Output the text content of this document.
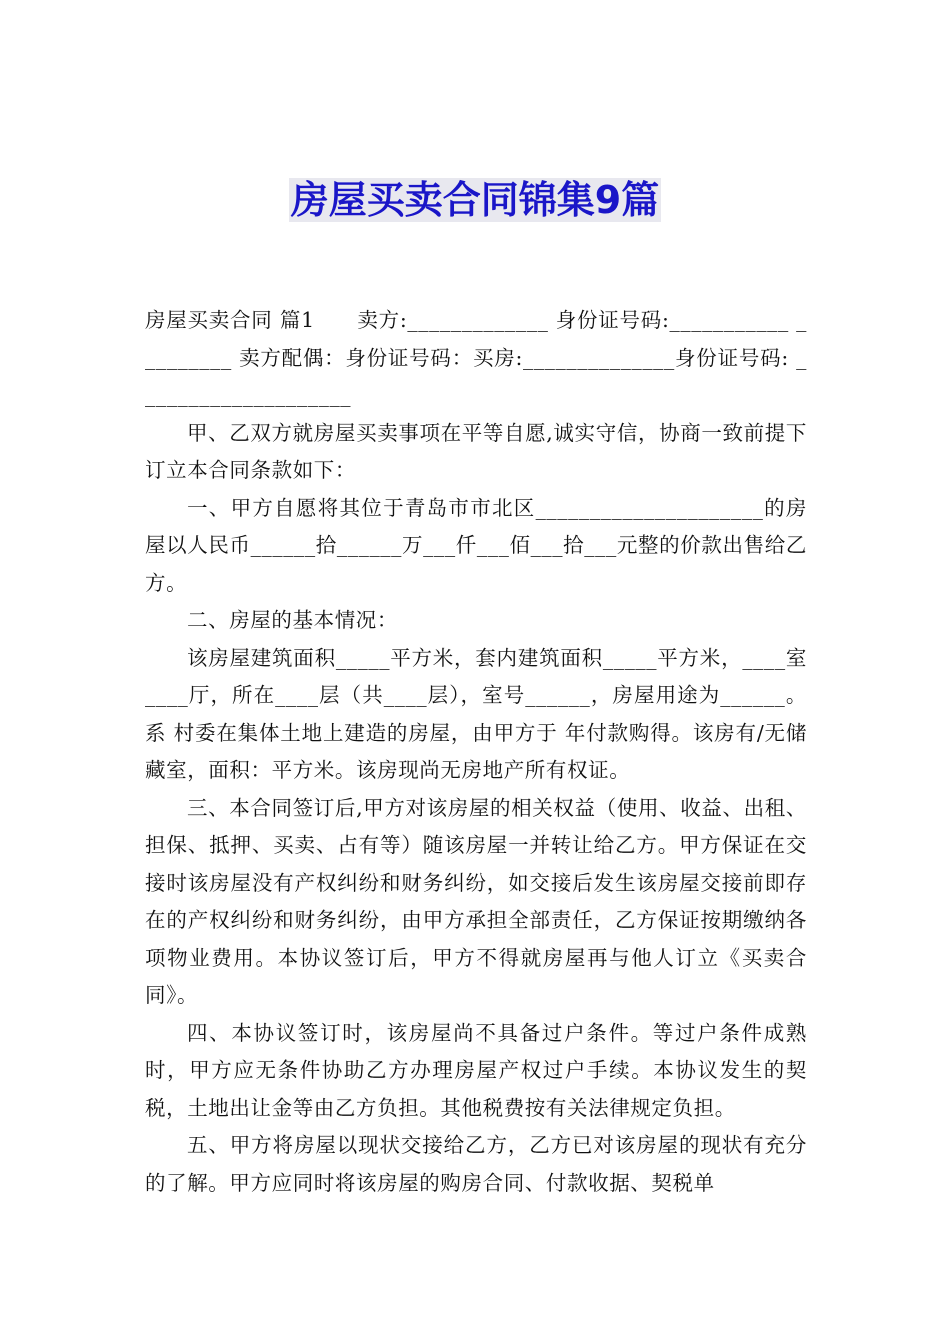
房屋买卖合同锦集9篇

房屋买卖合同 篇1　　卖方:_____________ 身份证号码:___________ _________ 卖方配偶：身份证号码：买房:______________身份证号码: ____________________

甲、乙双方就房屋买卖事项在平等自愿,诚实守信，协商一致前提下订立本合同条款如下：

一、甲方自愿将其位于青岛市市北区_____________________的房屋以人民币______拾______万___仟___佰___拾___元整的价款出售给乙方。

二、房屋的基本情况：

该房屋建筑面积_____平方米，套内建筑面积_____平方米，____室____厅，所在____层（共____层），室号______，房屋用途为______。系 村委在集体土地上建造的房屋，由甲方于 年付款购得。该房有/无储藏室，面积：平方米。该房现尚无房地产所有权证。

三、本合同签订后,甲方对该房屋的相关权益（使用、收益、出租、担保、抵押、买卖、占有等）随该房屋一并转让给乙方。甲方保证在交接时该房屋没有产权纠纷和财务纠纷，如交接后发生该房屋交接前即存在的产权纠纷和财务纠纷，由甲方承担全部责任，乙方保证按期缴纳各项物业费用。本协议签订后，甲方不得就房屋再与他人订立《买卖合同》。

四、本协议签订时，该房屋尚不具备过户条件。等过户条件成熟时，甲方应无条件协助乙方办理房屋产权过户手续。本协议发生的契税，土地出让金等由乙方负担。其他税费按有关法律规定负担。

五、甲方将房屋以现状交接给乙方，乙方已对该房屋的现状有充分的了解。甲方应同时将该房屋的购房合同、付款收据、契税单
